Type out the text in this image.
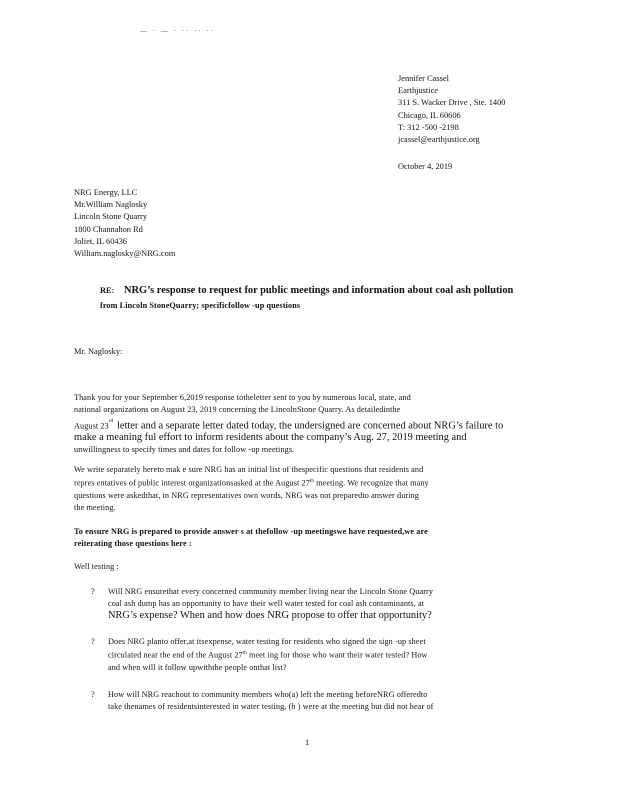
— · — · ·· ·· ··
Jennifer Cassel
Earthjustice
311 S. Wacker Drive , Ste. 1400
Chicago, IL 60606
T: 312 -500 -2198
jcassel@earthjustice.org
October 4, 2019
NRG Energy, LLC
Mr.William Naglosky
Lincoln Stone Quarry
1800 Channahon Rd
Joliet, IL 60436
William.naglosky@NRG.com
RE: NRG’s response to request for public meetings and information about coal ash pollution
from Lincoln StoneQuarry; specificfollow -up questions
Mr. Naglosky:
Thank you for your September 6,2019 response totheletter sent to you by numerous local, state, and
national organizations on August 23, 2019 concerning the LincolnStone Quarry. As detailedinthe
August 23rd letter and a separate letter dated today, the undersigned are concerned about NRG’s failure to
make a meaning ful effort to inform residents about the company’s Aug. 27, 2019 meeting and
unwillingness to specify times and dates for follow -up meetings.
We write separately hereto mak e sure NRG has an initial list of thespecific questions that residents and
repres entatives of public interest organizationsasked at the August 27th meeting. We recognize that many
questions were askedthat, in NRG representatives own words, NRG was not preparedto answer during
the meeting.
To ensure NRG is prepared to provide answer s at thefollow -up meetingswe have requested,we are
reiterating those questions here :
Well testing :
? Will NRG ensurethat every concerned community member living near the Lincoln Stone Quarry
coal ash dump has an opportunity to have their well water tested for coal ash contaminants, at
NRG’s expense? When and how does NRG propose to offer that opportunity?
? Does NRG planto offer,at itsexpense, water testing for residents who signed the sign -up sheet
circulated near the end of the August 27th meet ing for those who want their water tested? How
and when will it follow upwiththe people onthat list?
? How will NRG reachout to community members who(a) left the meeting beforeNRG offeredto
take thenames of residentsinterested in water testing, (b ) were at the meeting but did not hear of
1
